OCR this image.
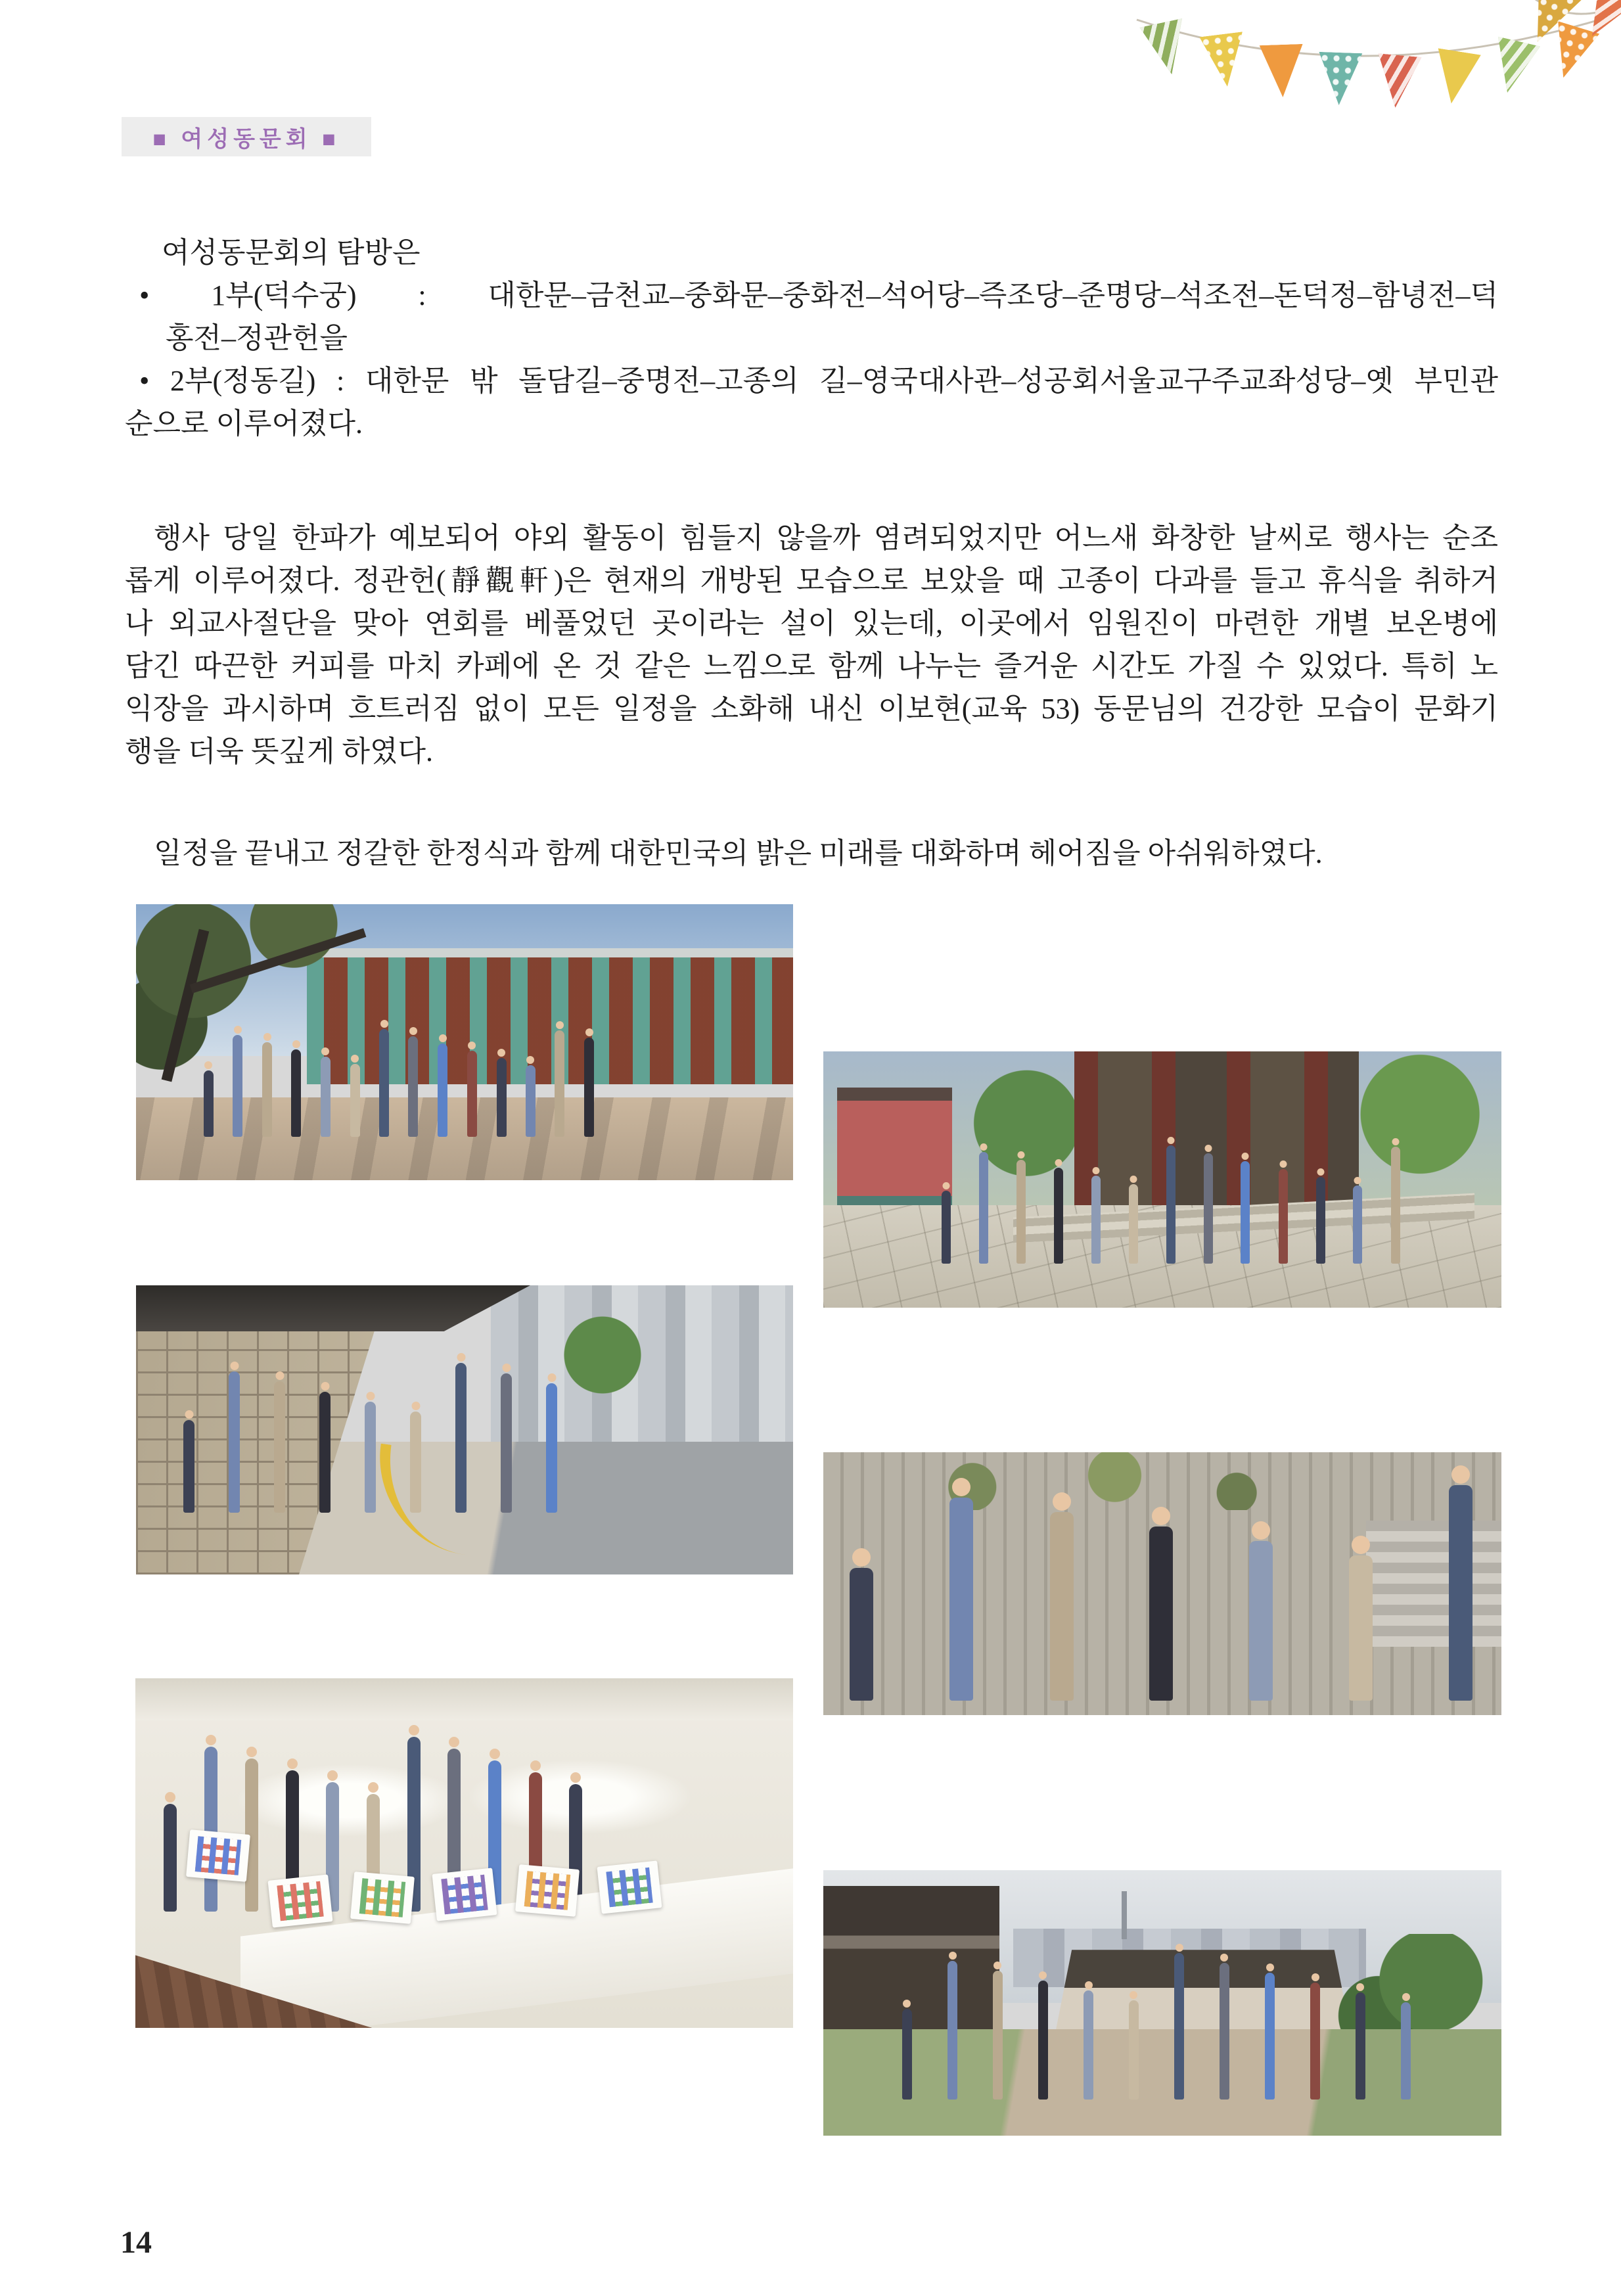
■ 여성동문회 ■
여성동문회의 탐방은
• 1부(덕수궁) : 대한문–금천교–중화문–중화전–석어당–즉조당–준명당–석조전–돈덕정–함녕전–덕
홍전–정관헌을
• 2부(정동길) : 대한문 밖 돌담길–중명전–고종의 길–영국대사관–성공회서울교구주교좌성당–옛 부민관
순으로 이루어졌다.
행사 당일 한파가 예보되어 야외 활동이 힘들지 않을까 염려되었지만 어느새 화창한 날씨로 행사는 순조
롭게 이루어졌다. 정관헌(靜觀軒)은 현재의 개방된 모습으로 보았을 때 고종이 다과를 들고 휴식을 취하거
나 외교사절단을 맞아 연회를 베풀었던 곳이라는 설이 있는데, 이곳에서 임원진이 마련한 개별 보온병에
담긴 따끈한 커피를 마치 카페에 온 것 같은 느낌으로 함께 나누는 즐거운 시간도 가질 수 있었다. 특히 노
익장을 과시하며 흐트러짐 없이 모든 일정을 소화해 내신 이보현(교육 53) 동문님의 건강한 모습이 문화기
행을 더욱 뜻깊게 하였다.
일정을 끝내고 정갈한 한정식과 함께 대한민국의 밝은 미래를 대화하며 헤어짐을 아쉬워하였다.
14
